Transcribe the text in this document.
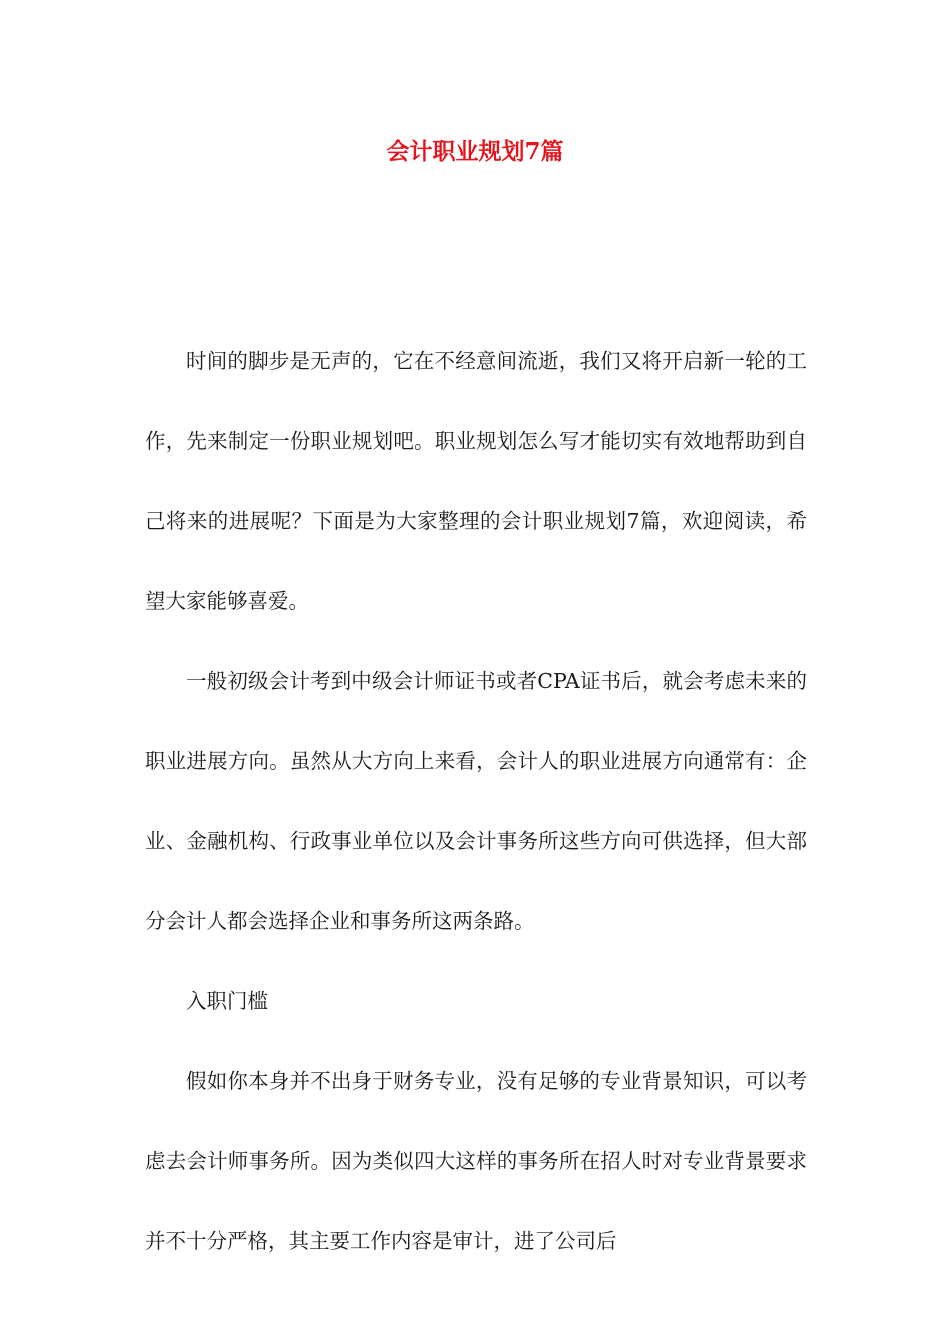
会计职业规划7篇

时间的脚步是无声的，它在不经意间流逝，我们又将开启新一轮的工作，先来制定一份职业规划吧。职业规划怎么写才能切实有效地帮助到自己将来的进展呢？下面是为大家整理的会计职业规划7篇，欢迎阅读，希望大家能够喜爱。

一般初级会计考到中级会计师证书或者CPA证书后，就会考虑未来的职业进展方向。虽然从大方向上来看，会计人的职业进展方向通常有：企业、金融机构、行政事业单位以及会计事务所这些方向可供选择，但大部分会计人都会选择企业和事务所这两条路。

入职门槛

假如你本身并不出身于财务专业，没有足够的专业背景知识，可以考虑去会计师事务所。因为类似四大这样的事务所在招人时对专业背景要求并不十分严格，其主要工作内容是审计，进了公司后
